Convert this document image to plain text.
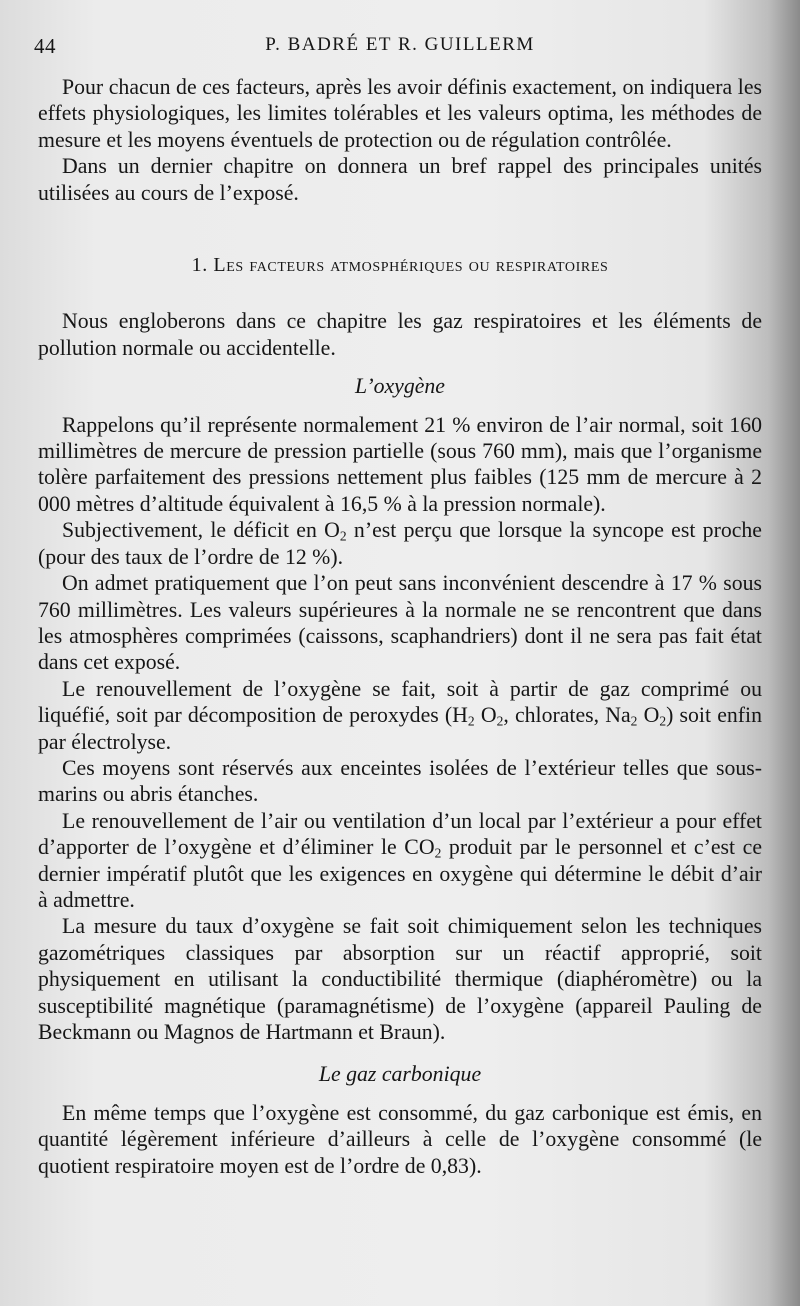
44	P. BADRÉ ET R. GUILLERM

Pour chacun de ces facteurs, après les avoir définis exactement, on indiquera les effets physiologiques, les limites tolérables et les valeurs optima, les méthodes de mesure et les moyens éventuels de protection ou de régulation contrôlée.

Dans un dernier chapitre on donnera un bref rappel des principales unités utilisées au cours de l’exposé.

1. Les facteurs atmosphériques ou respiratoires

Nous engloberons dans ce chapitre les gaz respiratoires et les éléments de pollution normale ou accidentelle.

L’oxygène

Rappelons qu’il représente normalement 21 % environ de l’air normal, soit 160 millimètres de mercure de pression partielle (sous 760 mm), mais que l’organisme tolère parfaitement des pressions nettement plus faibles (125 mm de mercure à 2 000 mètres d’altitude équivalent à 16,5 % à la pression normale).

Subjectivement, le déficit en $O_2$ n’est perçu que lorsque la syncope est proche (pour des taux de l’ordre de 12 %).

On admet pratiquement que l’on peut sans inconvénient descendre à 17 % sous 760 millimètres. Les valeurs supérieures à la normale ne se rencontrent que dans les atmosphères comprimées (caissons, scaphandriers) dont il ne sera pas fait état dans cet exposé.

Le renouvellement de l’oxygène se fait, soit à partir de gaz comprimé ou liquéfié, soit par décomposition de peroxydes ($H_2$ $O_2$, chlorates, $Na_2$ $O_2$) soit enfin par électrolyse.

Ces moyens sont réservés aux enceintes isolées de l’extérieur telles que sous-marins ou abris étanches.

Le renouvellement de l’air ou ventilation d’un local par l’extérieur a pour effet d’apporter de l’oxygène et d’éliminer le $CO_2$ produit par le personnel et c’est ce dernier impératif plutôt que les exigences en oxygène qui détermine le débit d’air à admettre.

La mesure du taux d’oxygène se fait soit chimiquement selon les techniques gazométriques classiques par absorption sur un réactif approprié, soit physiquement en utilisant la conductibilité thermique (diaphéromètre) ou la susceptibilité magnétique (paramagnétisme) de l’oxygène (appareil Pauling de Beckmann ou Magnos de Hartmann et Braun).

Le gaz carbonique

En même temps que l’oxygène est consommé, du gaz carbonique est émis, en quantité légèrement inférieure d’ailleurs à celle de l’oxygène consommé (le quotient respiratoire moyen est de l’ordre de 0,83).
